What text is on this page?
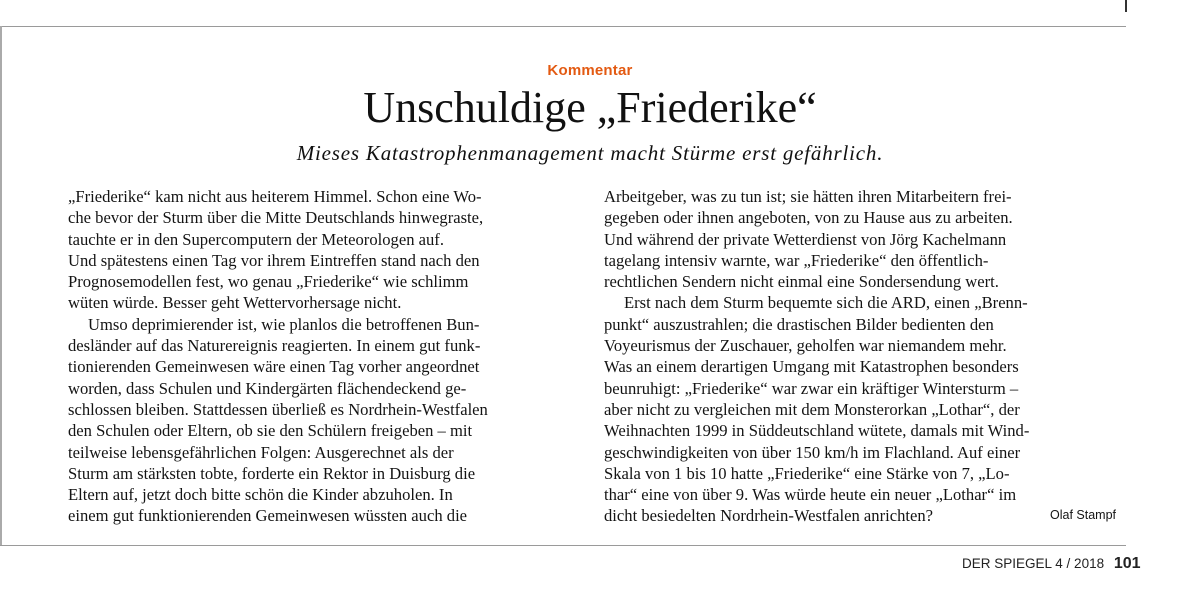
Kommentar
Unschuldige „Friederike“
Mieses Katastrophenmanagement macht Stürme erst gefährlich.
„Friederike“ kam nicht aus heiterem Himmel. Schon eine Wo-
che bevor der Sturm über die Mitte Deutschlands hinwegraste,
tauchte er in den Supercomputern der Meteorologen auf.
Und spätestens einen Tag vor ihrem Eintreffen stand nach den
Prognosemodellen fest, wo genau „Friederike“ wie schlimm
wüten würde. Besser geht Wettervorhersage nicht.
Umso deprimierender ist, wie planlos die betroffenen Bun-
desländer auf das Naturereignis reagierten. In einem gut funk-
tionierenden Gemeinwesen wäre einen Tag vorher angeordnet
worden, dass Schulen und Kindergärten flächendeckend ge-
schlossen bleiben. Stattdessen überließ es Nordrhein-Westfalen
den Schulen oder Eltern, ob sie den Schülern freigeben – mit
teilweise lebensgefährlichen Folgen: Ausgerechnet als der
Sturm am stärksten tobte, forderte ein Rektor in Duisburg die
Eltern auf, jetzt doch bitte schön die Kinder abzuholen. In
einem gut funktionierenden Gemeinwesen wüssten auch die
Arbeitgeber, was zu tun ist; sie hätten ihren Mitarbeitern frei-
gegeben oder ihnen angeboten, von zu Hause aus zu arbeiten.
Und während der private Wetterdienst von Jörg Kachelmann
tagelang intensiv warnte, war „Friederike“ den öffentlich-
rechtlichen Sendern nicht einmal eine Sondersendung wert.
Erst nach dem Sturm bequemte sich die ARD, einen „Brenn-
punkt“ auszustrahlen; die drastischen Bilder bedienten den
Voyeurismus der Zuschauer, geholfen war niemandem mehr.
Was an einem derartigen Umgang mit Katastrophen besonders
beunruhigt: „Friederike“ war zwar ein kräftiger Wintersturm –
aber nicht zu vergleichen mit dem Monsterorkan „Lothar“, der
Weihnachten 1999 in Süddeutschland wütete, damals mit Wind-
geschwindigkeiten von über 150 km/h im Flachland. Auf einer
Skala von 1 bis 10 hatte „Friederike“ eine Stärke von 7, „Lo-
thar“ eine von über 9. Was würde heute ein neuer „Lothar“ im
dicht besiedelten Nordrhein-Westfalen anrichten?	Olaf Stampf
DER SPIEGEL 4 / 2018 101
